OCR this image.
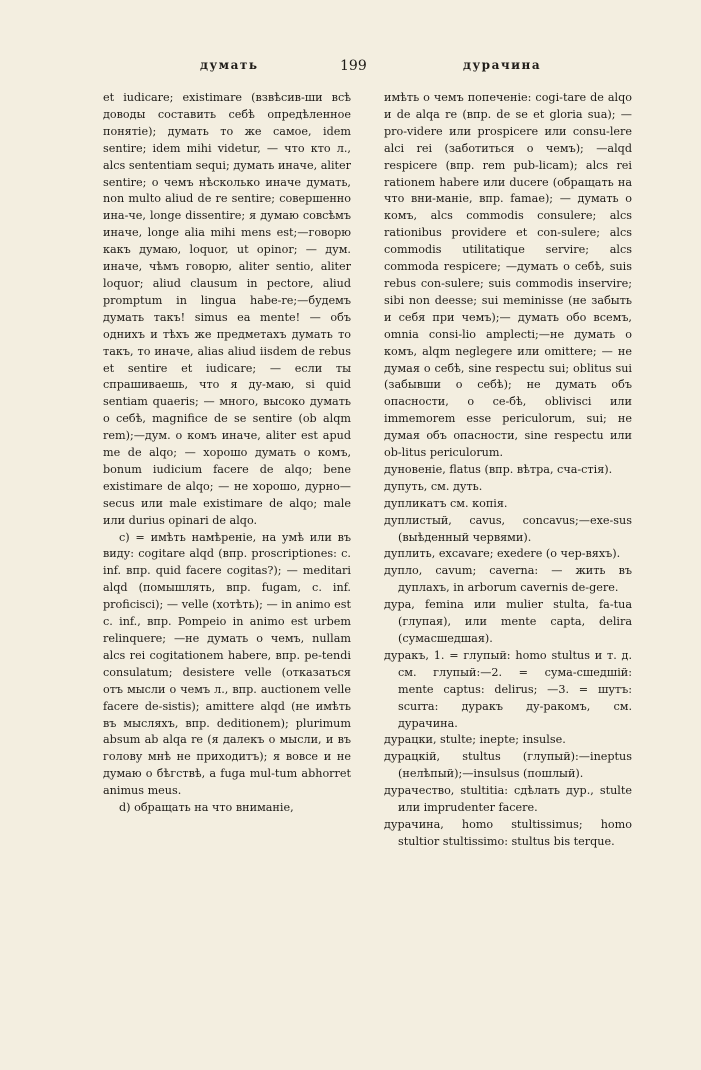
думать	199	дурачина

et iudicare; existimare (взвѣсив-ши всѣ доводы составить себѣ опредѣленное понятіе); думать то же самое, idem sentire; idem mihi videtur, — что кто л., alcs sententiam sequi; думать иначе, aliter sentire; о чемъ нѣсколько иначе думать, non multo aliud de re sentire; совершенно ина-че, longe dissentire; я думаю совсѣмъ иначе, longe alia mihi mens est;—говорю какъ думаю, loquor, ut opinor; — дум. иначе, чѣмъ говорю, aliter sentio, aliter loquor; aliud clausum in pectore, aliud promptum in lingua habe-re;—будемъ думать такъ! simus ea mente! — объ однихъ и тѣхъ же предметахъ думать то такъ, то иначе, alias aliud iisdem de rebus et sentire et iudicare; — если ты спрашиваешь, что я ду-маю, si quid sentiam quaeris; — много, высоко думать о себѣ, magnifice de se sentire (ob alqm rem);—дум. о комъ иначе, aliter est apud me de alqo; — хорошо думать о комъ, bonum iudicium facere de alqo; bene existimare de alqo; — не хорошо, дурно— secus или male existimare de alqo; male или durius opinari de alqo.

c) = имѣть намѣреніе, на умѣ или въ виду: cogitare alqd (впр. proscriptiones: c. inf. впр. quid facere cogitas?); — meditari alqd (помышлять, впр. fugam, c. inf. proficisci); — velle (хотѣть); — in animo est c. inf., впр. Pompeio in animo est urbem relinquere; —не думать о чемъ, nullam alcs rei cogitationem habere, впр. pe-tendi consulatum; desistere velle (отказаться отъ мысли о чемъ л., впр. auctionem velle facere de-sistis); amittere alqd (не имѣть въ мысляхъ, впр. deditionem); plurimum absum ab alqa re (я далекъ о мысли, и въ голову мнѣ не приходитъ); я вовсе и не думаю о бѣгствѣ, a fuga mul-tum abhorret animus meus.

d) обращать на что вниманіе,

имѣть о чемъ попеченіе: cogi-tare de alqo и de alqa re (впр. de se et gloria sua); — pro-videre или prospicere или consu-lere alci rei (заботиться о чемъ); —alqd respicere (впр. rem pub-licam); alcs rei rationem habere или ducere (обращать на что вни-маніе, впр. famae); — думать о комъ, alcs commodis consulere; alcs rationibus providere et con-sulere; alcs commodis utilitatique servire; alcs commoda respicere; —думать о себѣ, suis rebus con-sulere; suis commodis inservire; sibi non deesse; sui meminisse (не забыть и себя при чемъ);— думать обо всемъ, omnia consi-lio amplecti;—не думать о комъ, alqm neglegere или omittere; — не думая о себѣ, sine respectu sui; oblitus sui (забывши о себѣ); не думать объ опасности, о се-бѣ, oblivisci или immemorem esse periculorum, sui; не думая объ опасности, sine respectu или ob-litus periculorum.

дуновеніе, flatus (впр. вѣтра, сча-стія).

дупуть, см. дуть.

дупликатъ см. копія.

дуплистый, cavus, concavus;—exe-sus (выѣденный червями).

дуплить, excavare; exedere (о чер-вяхъ).

дупло, cavum; caverna: — жить въ дуплахъ, in arborum cavernis de-gere.

дура, femina или mulier stulta, fa-tua (глупая), или mente capta, delira (сумасшедшая).

дуракъ, 1. = глупый: homo stultus и т. д. см. глупый:—2. = сума-сшедшій: mente captus: delirus; —3. = шутъ: scurra: дуракъ ду-ракомъ, см. дурачина.

дурацки, stulte; inepte; insulse.

дурацкій, stultus (глупый):—ineptus (нелѣпый);—insulsus (пошлый).

дурачество, stultitia: сдѣлать дур., stulte или imprudenter facere.

дурачина, homo stultissimus; homo stultior stultissimo: stultus bis terque.
